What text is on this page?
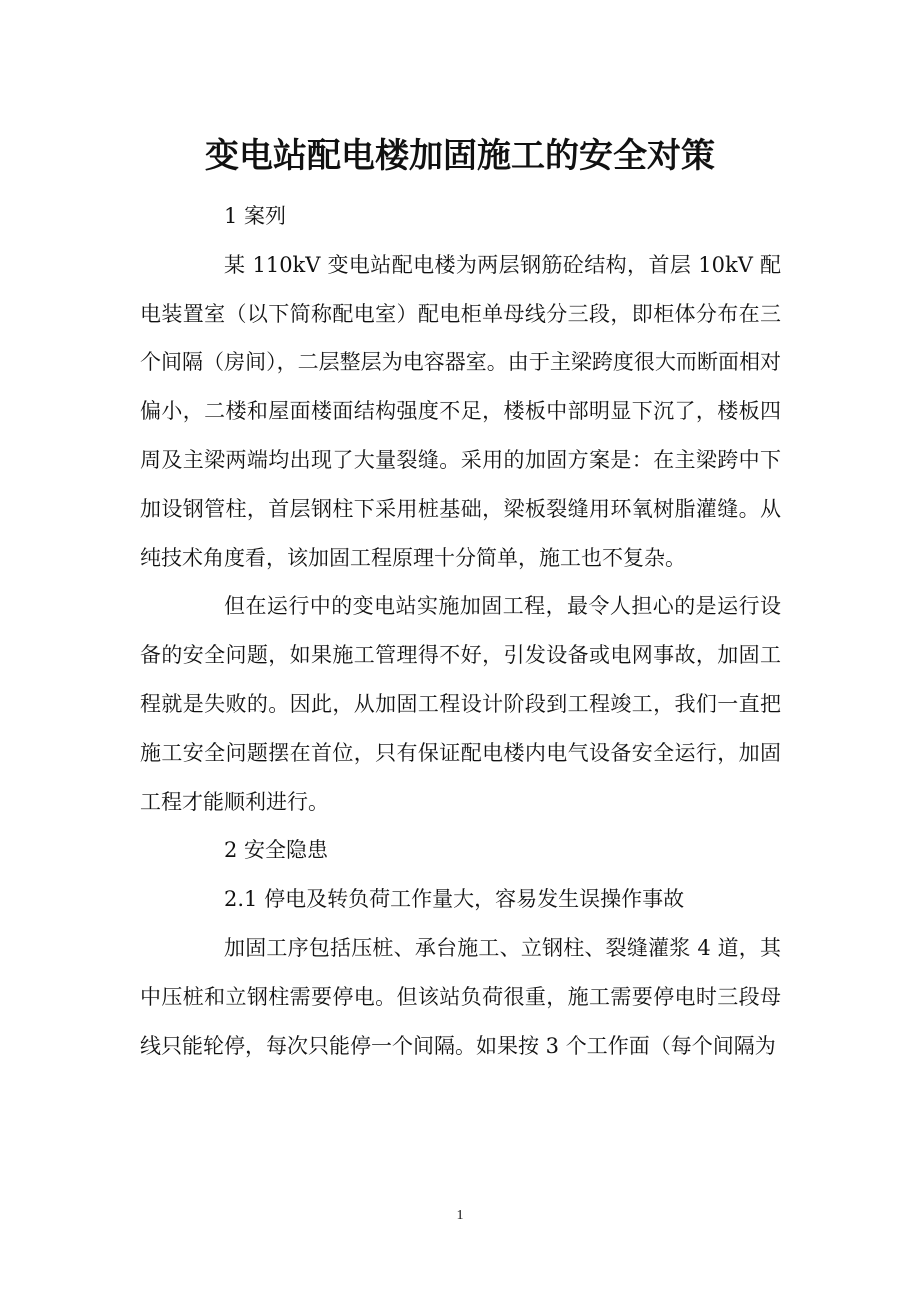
变电站配电楼加固施工的安全对策

1 案列

某 110kV 变电站配电楼为两层钢筋砼结构，首层 10kV 配电装置室（以下简称配电室）配电柜单母线分三段，即柜体分布在三个间隔（房间），二层整层为电容器室。由于主梁跨度很大而断面相对偏小，二楼和屋面楼面结构强度不足，楼板中部明显下沉了，楼板四周及主梁两端均出现了大量裂缝。采用的加固方案是：在主梁跨中下加设钢管柱，首层钢柱下采用桩基础，梁板裂缝用环氧树脂灌缝。从纯技术角度看，该加固工程原理十分简单，施工也不复杂。

但在运行中的变电站实施加固工程，最令人担心的是运行设备的安全问题，如果施工管理得不好，引发设备或电网事故，加固工程就是失败的。因此，从加固工程设计阶段到工程竣工，我们一直把施工安全问题摆在首位，只有保证配电楼内电气设备安全运行，加固工程才能顺利进行。

2 安全隐患

2.1 停电及转负荷工作量大，容易发生误操作事故

加固工序包括压桩、承台施工、立钢柱、裂缝灌浆 4 道，其中压桩和立钢柱需要停电。但该站负荷很重，施工需要停电时三段母线只能轮停，每次只能停一个间隔。如果按 3 个工作面（每个间隔为

1
